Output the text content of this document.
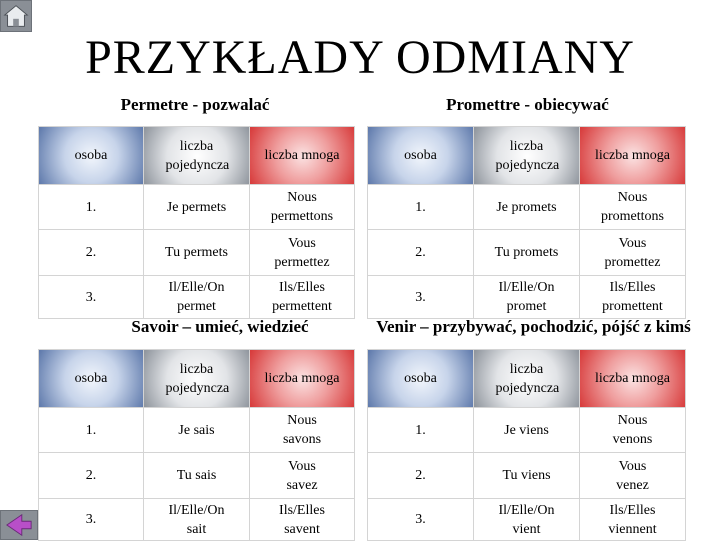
PRZYKŁADY ODMIANY
Permetre - pozwalać
osoba	liczba pojedyncza	liczba mnoga
1.	Je permets	Nous permettons

2.	Tu permets	Vous permettez

3.	Il/Elle/On permet	Ils/Elles permettent
Promettre - obiecywać
osoba	liczba pojedyncza	liczba mnoga
1.	Je promets	Nous promettons

2.	Tu promets	Vous promettez

3.	Il/Elle/On promet	Ils/Elles promettent
Savoir – umieć, wiedzieć
osoba	liczba pojedyncza	liczba mnoga
1.	Je sais	Nous savons

2.	Tu sais	Vous savez

3.	Il/Elle/On sait	Ils/Elles savent
Venir – przybywać, pochodzić, pójść z kimś
osoba	liczba pojedyncza	liczba mnoga
1.	Je viens	Nous venons

2.	Tu viens	Vous venez

3.	Il/Elle/On vient	Ils/Elles viennent
